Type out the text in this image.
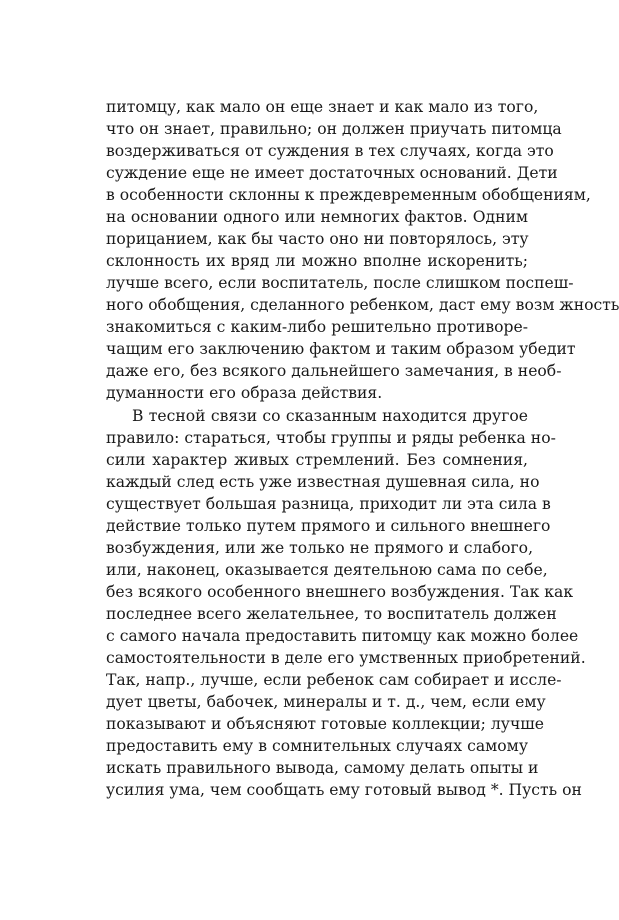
питомцу, как мало он еще знает и как мало из того,
что он знает, правильно; он должен приучать питомца
воздерживаться от суждения в тех случаях, когда это
суждение еще не имеет достаточных оснований. Дети
в особенности склонны к преждевременным обобщениям,
на основании одного или немногих фактов. Одним
порицанием, как бы часто оно ни повторялось, эту
склонность их вряд ли можно вполне искоренить;
лучше всего, если воспитатель, после слишком поспеш-
ного обобщения, сделанного ребенком, даст ему возм жность
знакомиться с каким-либо решительно противоре-
чащим его заключению фактом и таким образом убедит
даже его, без всякого дальнейшего замечания, в необ-
думанности его образа действия.
В тесной связи со сказанным находится другое
правило: стараться, чтобы группы и ряды ребенка но-
сили характер живых стремлений. Без сомнения,
каждый след есть уже известная душевная сила, но
существует большая разница, приходит ли эта сила в
действие только путем прямого и сильного внешнего
возбуждения, или же только не прямого и слабого,
или, наконец, оказывается деятельною сама по себе,
без всякого особенного внешнего возбуждения. Так как
последнее всего желательнее, то воспитатель должен
с самого начала предоставить питомцу как можно более
самостоятельности в деле его умственных приобретений.
Так, напр., лучше, если ребенок сам собирает и иссле-
дует цветы, бабочек, минералы и т. д., чем, если ему
показывают и объясняют готовые коллекции; лучше
предоставить ему в сомнительных случаях самому
искать правильного вывода, самому делать опыты и
усилия ума, чем сообщать ему готовый вывод *. Пусть он
